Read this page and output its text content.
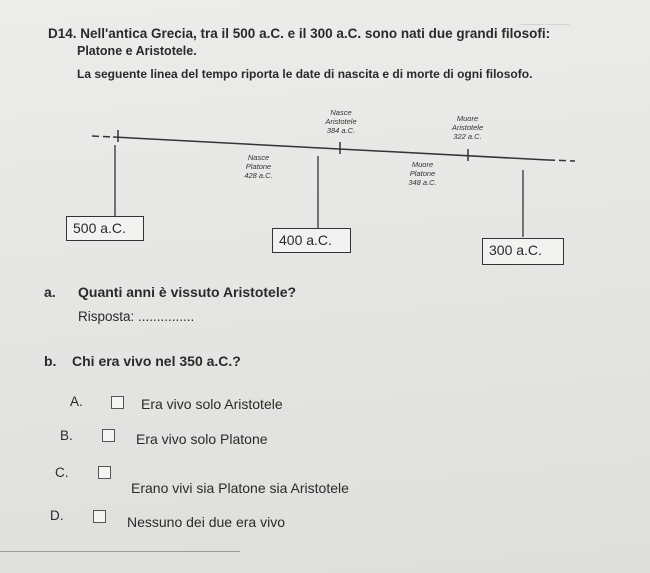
———— ————
D14. Nell'antica Grecia, tra il 500 a.C. e il 300 a.C. sono nati due grandi filosofi:
Platone e Aristotele.
La seguente linea del tempo riporta le date di nascita e di morte di ogni filosofo.
Nasce
Aristotele
384 a.C.
Muore
Aristotele
322 a.C.
Nasce
Platone
428 a.C.
Muore
Platone
348 a.C.
500 a.C.
400 a.C.
300 a.C.
a. Quanti anni è vissuto Aristotele?
Risposta: ...............
b. Chi era vivo nel 350 a.C.?
A.	Era vivo solo Aristotele
B.	Era vivo solo Platone
C.
Erano vivi sia Platone sia Aristotele
D.	Nessuno dei due era vivo
